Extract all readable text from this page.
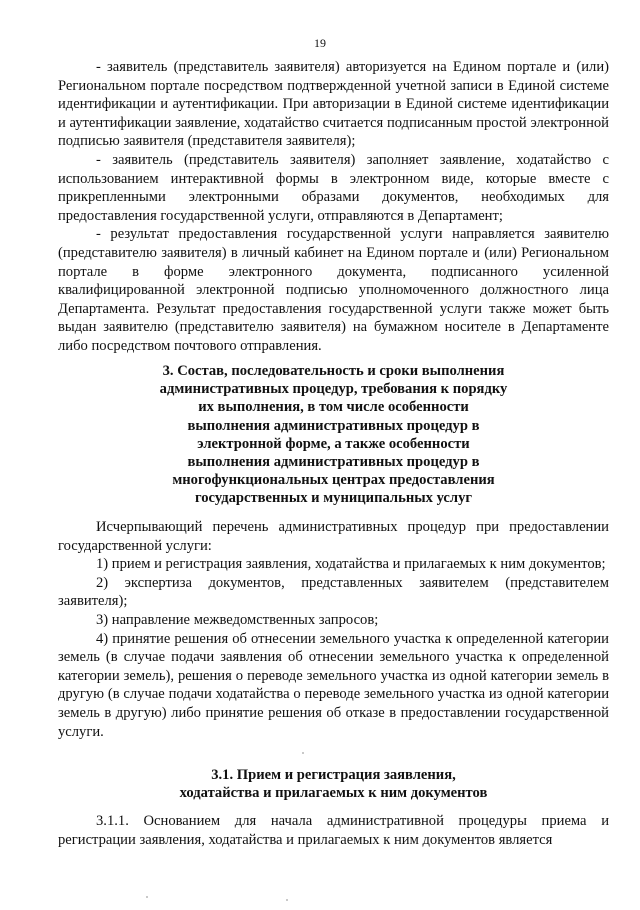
19

- заявитель (представитель заявителя) авторизуется на Едином портале и (или) Региональном портале посредством подтвержденной учетной записи в Единой системе идентификации и аутентификации. При авторизации в Единой системе идентификации и аутентификации заявление, ходатайство считается подписанным простой электронной подписью заявителя (представителя заявителя);

- заявитель (представитель заявителя) заполняет заявление, ходатайство с использованием интерактивной формы в электронном виде, которые вместе с прикрепленными электронными образами документов, необходимых для предоставления государственной услуги, отправляются в Департамент;

- результат предоставления государственной услуги направляется заявителю (представителю заявителя) в личный кабинет на Едином портале и (или) Региональном портале в форме электронного документа, подписанного усиленной квалифицированной электронной подписью уполномоченного должностного лица Департамента. Результат предоставления государственной услуги также может быть выдан заявителю (представителю заявителя) на бумажном носителе в Департаменте либо посредством почтового отправления.

3. Состав, последовательность и сроки выполнения
административных процедур, требования к порядку
их выполнения, в том числе особенности
выполнения административных процедур в
электронной форме, а также особенности
выполнения административных процедур в
многофункциональных центрах предоставления
государственных и муниципальных услуг

Исчерпывающий перечень административных процедур при предоставлении государственной услуги:

1) прием и регистрация заявления, ходатайства и прилагаемых к ним документов;

2) экспертиза документов, представленных заявителем (представителем заявителя);

3) направление межведомственных запросов;

4) принятие решения об отнесении земельного участка к определенной категории земель (в случае подачи заявления об отнесении земельного участка к определенной категории земель), решения о переводе земельного участка из одной категории земель в другую (в случае подачи ходатайства о переводе земельного участка из одной категории земель в другую) либо принятие решения об отказе в предоставлении государственной услуги.

3.1. Прием и регистрация заявления,
ходатайства и прилагаемых к ним документов

3.1.1. Основанием для начала административной процедуры приема и регистрации заявления, ходатайства и прилагаемых к ним документов является
